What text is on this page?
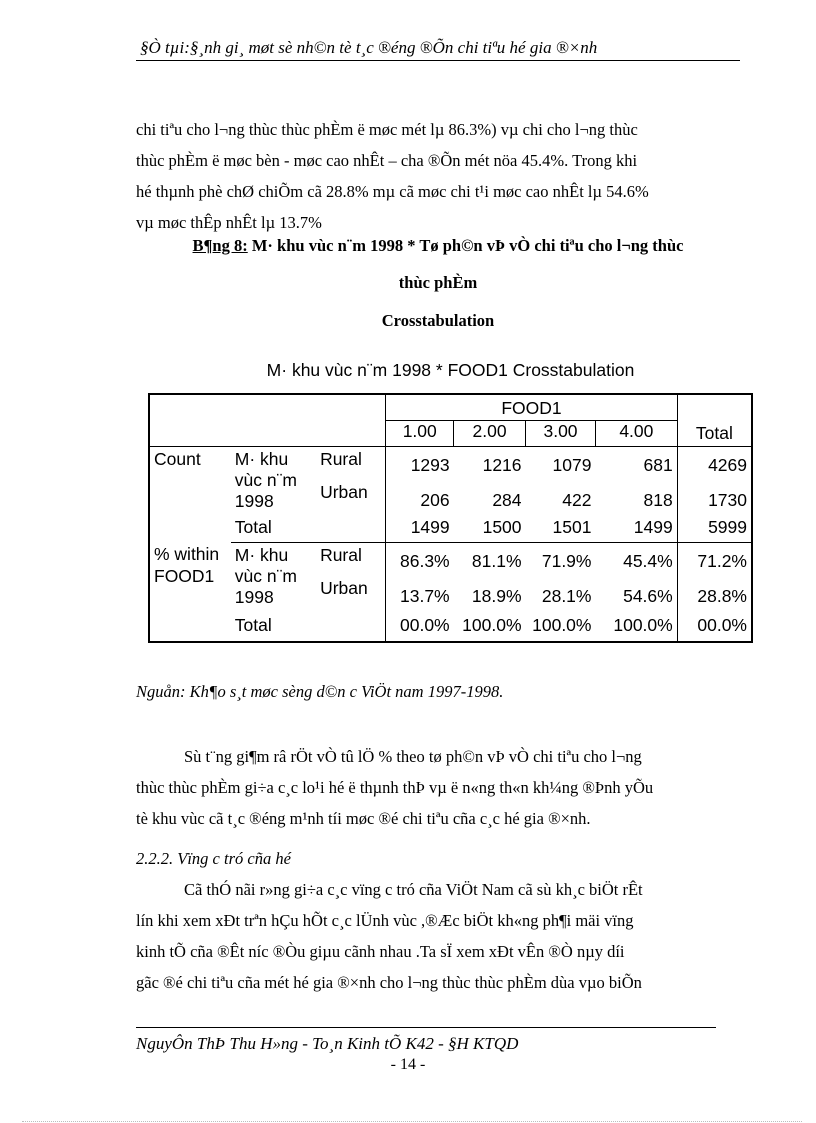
§Ò tµi:§¸nh gi¸ møt sè nh©n tè t¸c ®éng ®Õn chi tiªu hé gia ®×nh
chi tiªu cho l¬ng thùc thùc phÈm ë møc mét lµ 86.3%) vµ chi cho l¬ng thùc
thùc phÈm ë møc bèn - møc cao nhÊt – cha ®Õn mét nöa 45.4%. Trong khi
hé thµnh phè chØ chiÕm cã 28.8% mµ cã møc chi t¹i møc cao nhÊt lµ 54.6%
vµ møc thÊp nhÊt lµ 13.7%
B¶ng 8: M· khu vùc n¨m 1998 * Tø ph©n vÞ vÒ chi tiªu cho l¬ng thùc
thùc phÈm
Crosstabulation
M· khu vùc n¨m 1998 * FOOD1 Crosstabulation
			FOOD1				Total
			1.00	2.00	3.00	4.00	
Count	M· khu vùc n¨m 1998	Rural	1293	1216	1079	681	4269
		Urban	206	284	422	818	1730
	Total		1499	1500	1501	1499	5999
% within FOOD1	M· khu vùc n¨m 1998	Rural	86.3%	81.1%	71.9%	45.4%	71.2%
		Urban	13.7%	18.9%	28.1%	54.6%	28.8%
	Total		00.0%	100.0%	100.0%	100.0%	00.0%
Nguån: Kh¶o s¸t møc sèng d©n c ViÖt nam 1997-1998.
Sù t¨ng gi¶m râ rÖt vÒ tû lÖ % theo tø ph©n vÞ vÒ chi tiªu cho l¬ng
thùc thùc phÈm gi÷a c¸c lo¹i hé ë thµnh thÞ vµ ë n«ng th«n kh¼ng ®Þnh yÕu
tè khu vùc cã t¸c ®éng m¹nh tíi møc ®é chi tiªu cña c¸c hé gia ®×nh.
2.2.2. Vïng c tró cña hé
Cã thÓ nãi r»ng gi÷a c¸c vïng c tró cña ViÖt Nam cã sù kh¸c biÖt rÊt
lín khi xem xÐt trªn hÇu hÕt c¸c lÜnh vùc ,®Æc biÖt kh«ng ph¶i mäi vïng
kinh tÕ cña ®Êt níc ®Òu giµu cãnh nhau .Ta sÏ xem xÐt vÊn ®Ò nµy díi
gãc ®é chi tiªu cña mét hé gia ®×nh cho l¬ng thùc thùc phÈm dùa vµo biÕn
NguyÔn ThÞ Thu H»ng - To¸n Kinh tÕ K42 - §H KTQD
- 14 -
